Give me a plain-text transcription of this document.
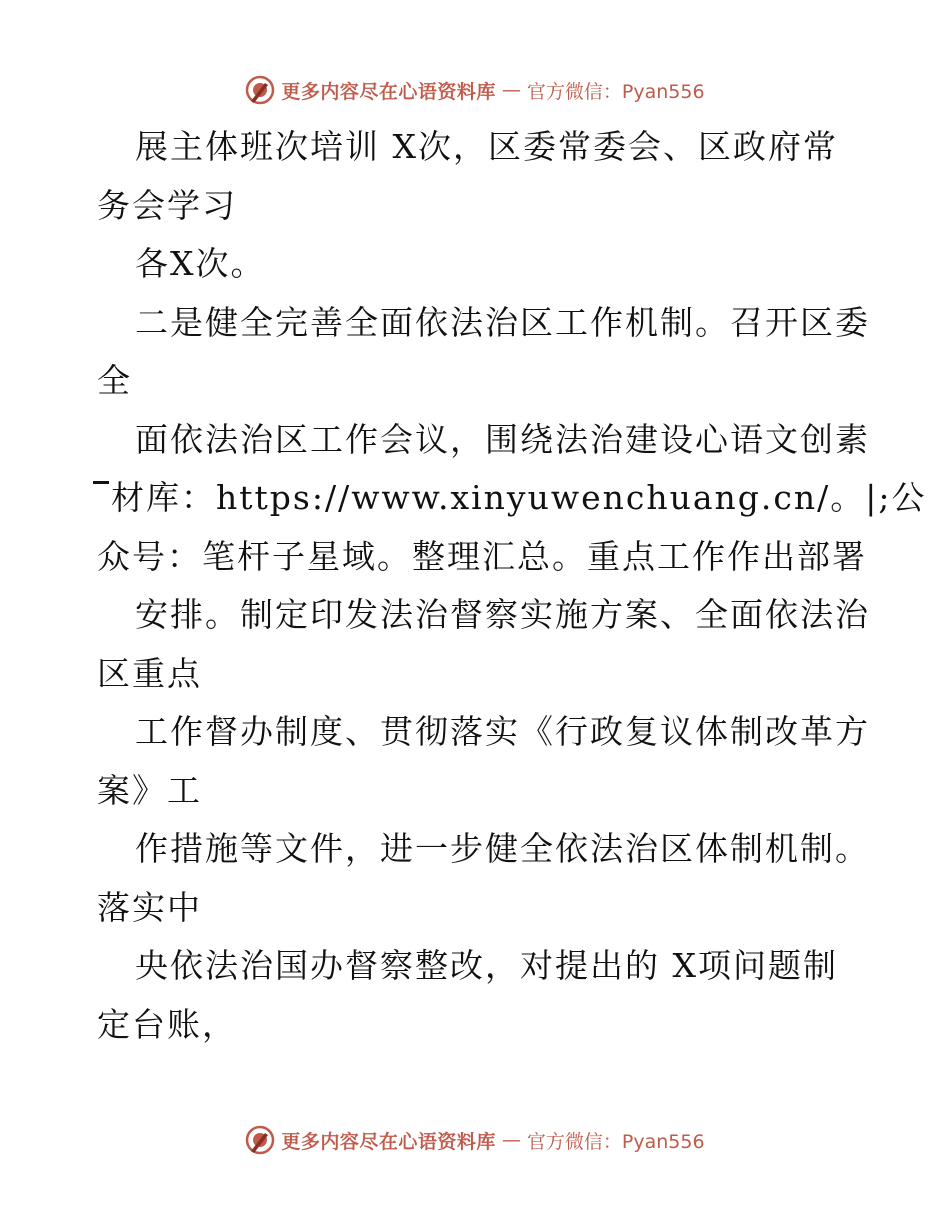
更多内容尽在心语资料库 — 官方微信：Pyan556
展主体班次培训 X次，区委常委会、区政府常
务会学习
各X次。
二是健全完善全面依法治区工作机制。召开区委
全
面依法治区工作会议，围绕法治建设心语文创素
材库：https://www.xinyuwenchuang.cn/。|;公
众号：笔杆子星域。整理汇总。重点工作作出部署
安排。制定印发法治督察实施方案、全面依法治
区重点
工作督办制度、贯彻落实《行政复议体制改革方
案》工
作措施等文件，进一步健全依法治区体制机制。
落实中
央依法治国办督察整改，对提出的 X项问题制
定台账，
更多内容尽在心语资料库 — 官方微信：Pyan556
